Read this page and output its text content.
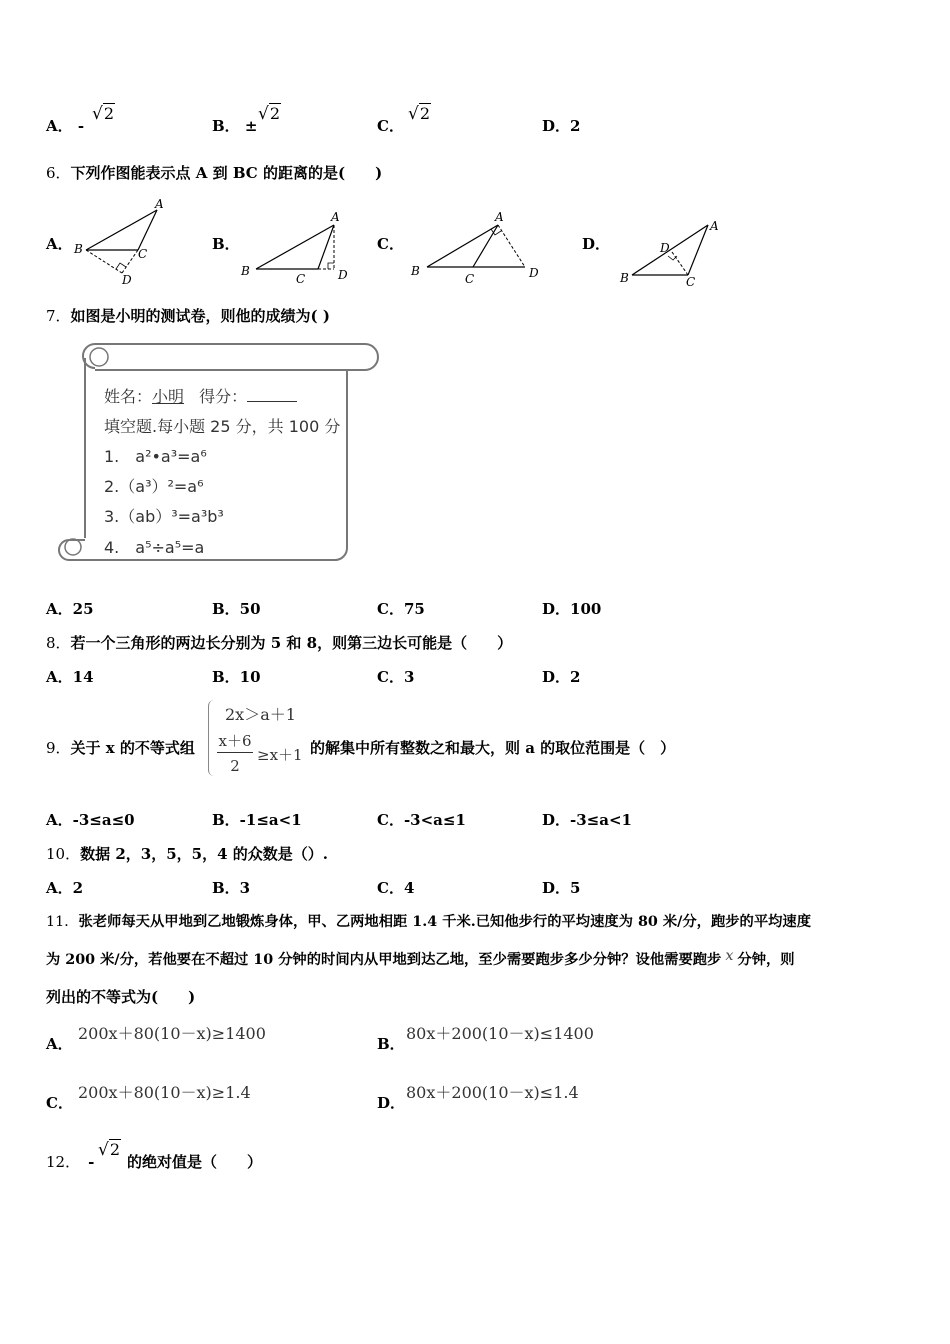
A． -
√2
B． ±
√2
C．
√2
D．2
6．下列作图能表示点 A 到 BC 的距离的是(　　)
A．
A
B	C
D
B．
A
B
C	D
C．
A
B
C	D
D．
A
B	C
D
7．如图是小明的测试卷，则他的成绩为( )
姓名：小明 得分：
填空题.每小题 25 分，共 100 分
1.　a²•a³=a⁶
2.（a³）²=a⁶
3.（ab）³=a³b³
4.　a⁵÷a⁵=a
A．25	B．50	C．75	D．100
8．若一个三角形的两边长分别为 5 和 8，则第三边长可能是（　　）
A．14	B．10	C．3	D．2
9．关于 x 的不等式组
2x＞a＋1
x＋6
2
≥x＋1 的解集中所有整数之和最大，则 a 的取位范围是（　）
A．-3≤a≤0	B．-1≤a<1	C．-3<a≤1	D．-3≤a<1
10．数据 2，3，5，5，4 的众数是（）.
A．2	B．3	C．4	D．5
11．张老师每天从甲地到乙地锻炼身体，甲、乙两地相距 1.4 千米.已知他步行的平均速度为 80 米/分，跑步的平均速度
为 200 米/分，若他要在不超过 10 分钟的时间内从甲地到达乙地，至少需要跑步多少分钟？设他需要跑步 x 分钟，则
列出的不等式为(　　)
A．
200x＋80(10－x)≥1400
B．
80x＋200(10－x)≤1400
C．
200x＋80(10－x)≥1.4
D．
80x＋200(10－x)≤1.4
12． -
√2
的绝对值是（　　）
